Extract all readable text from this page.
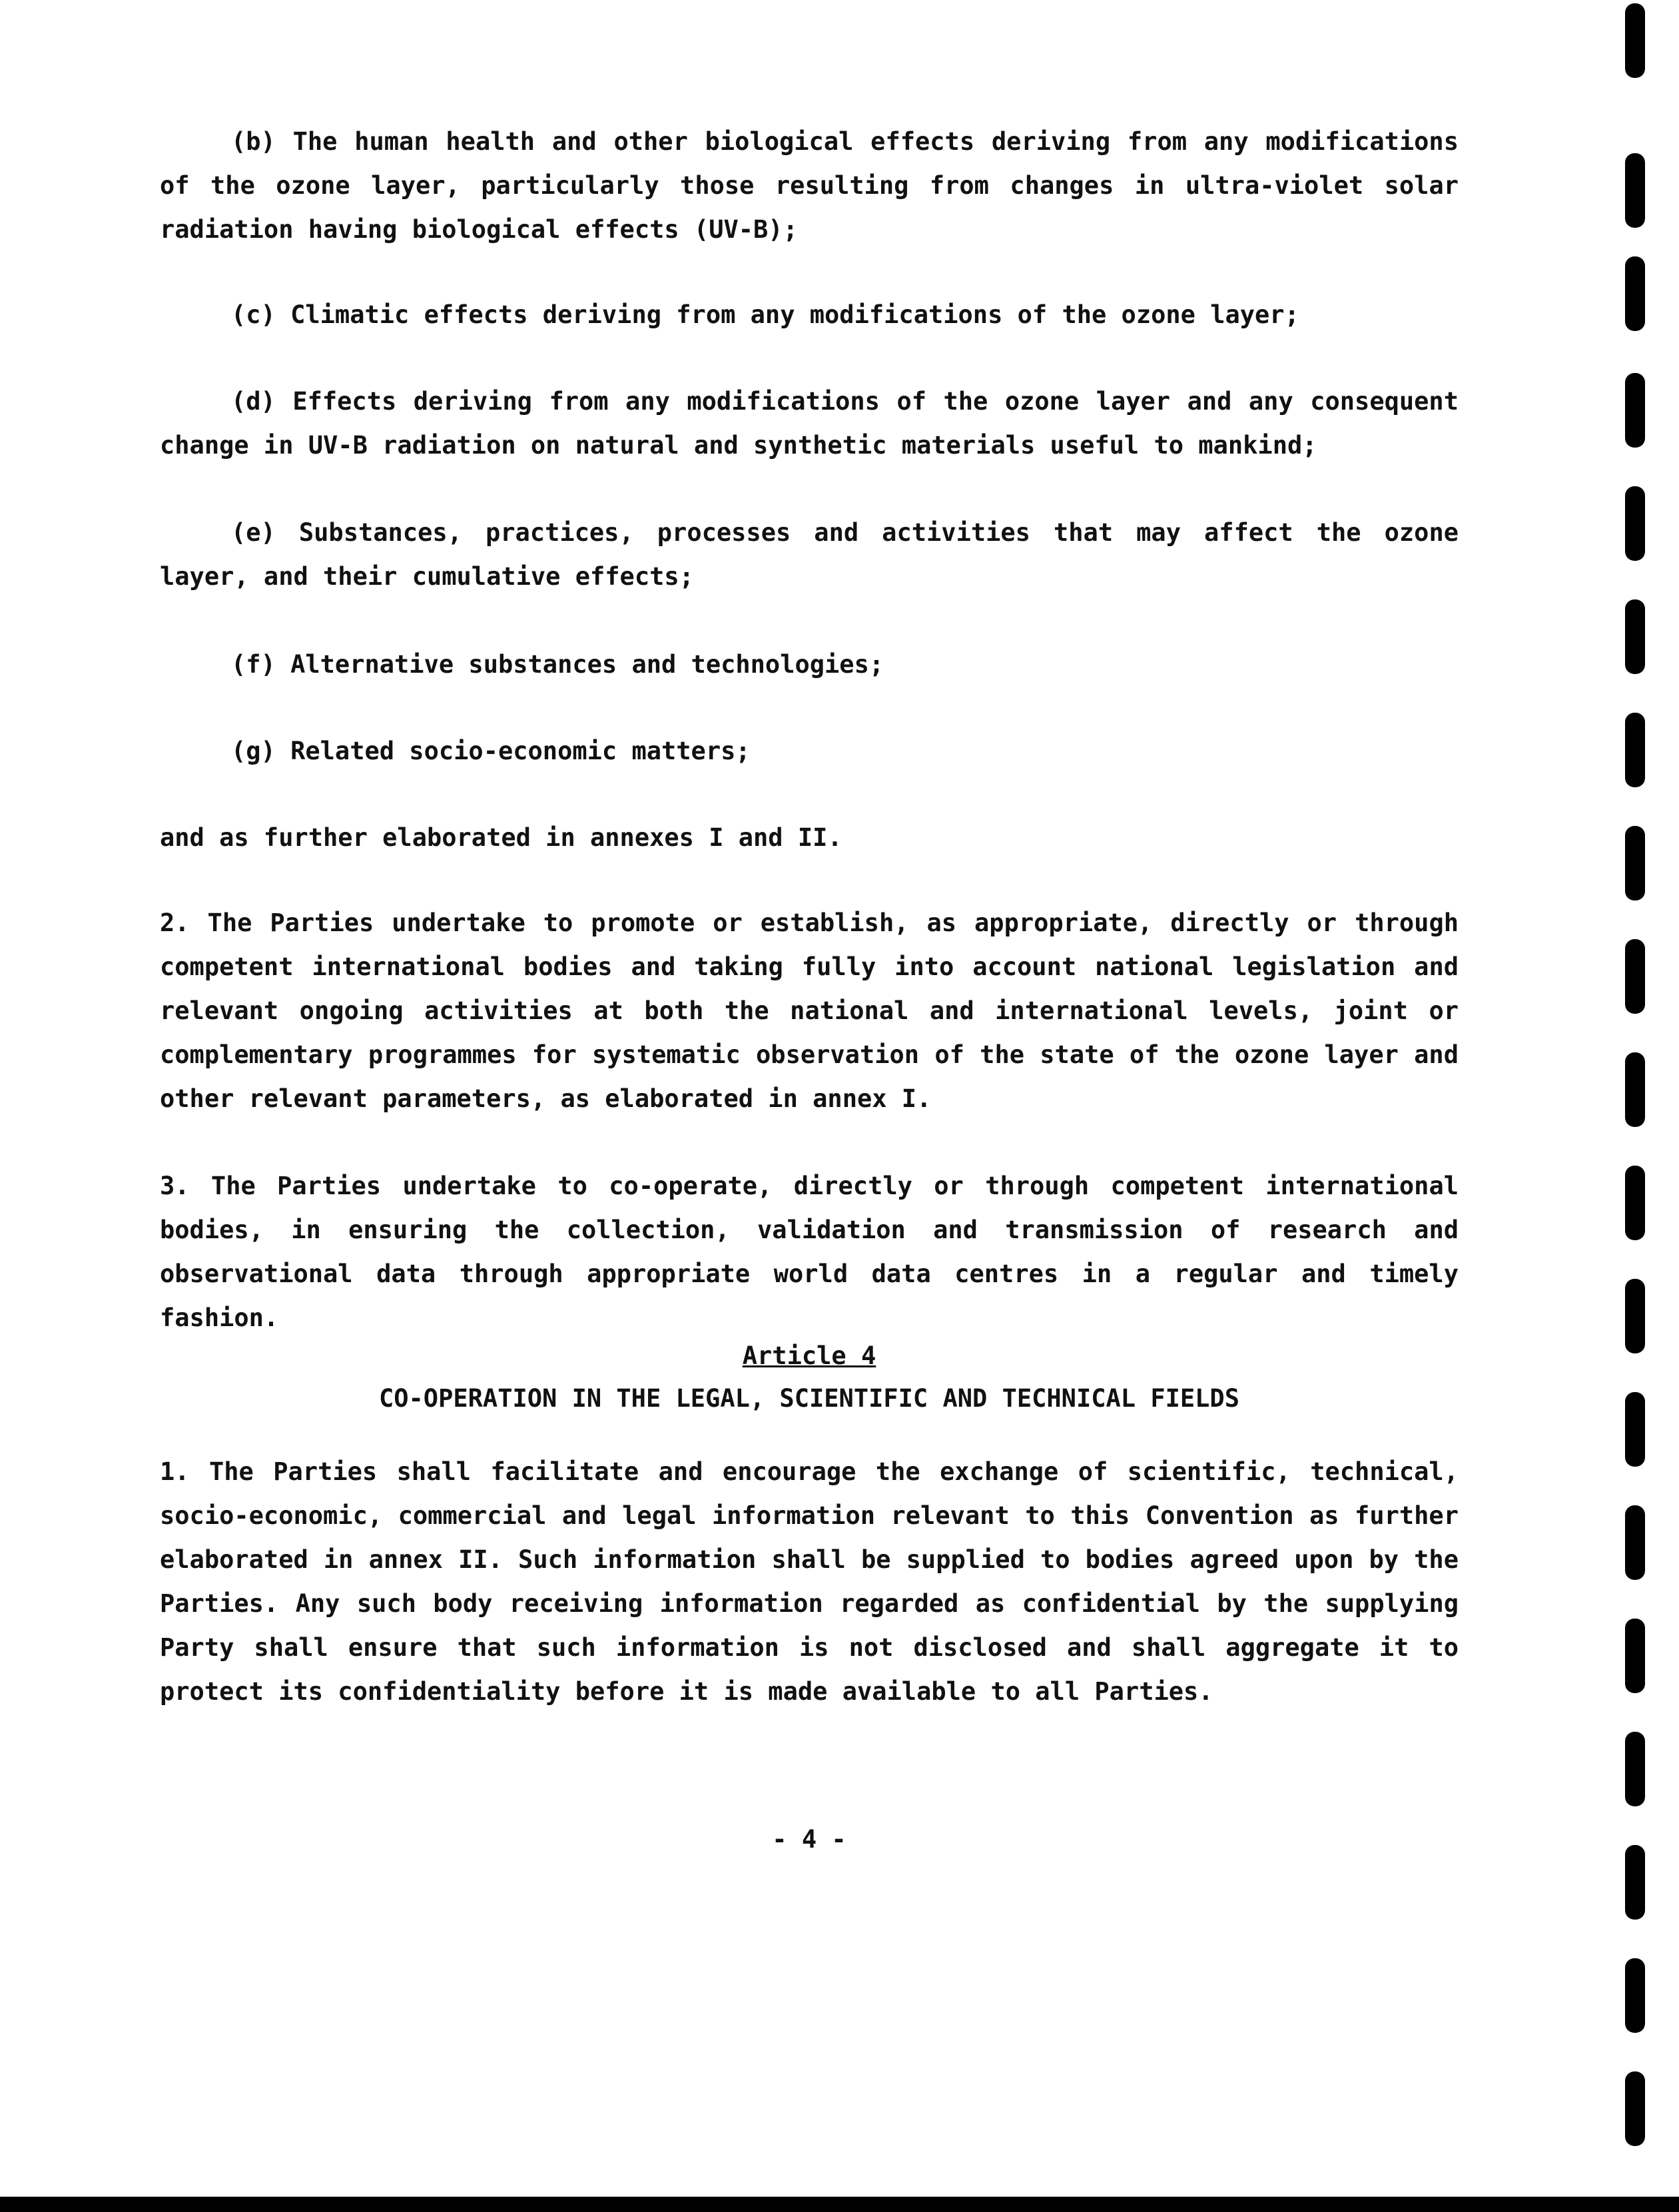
(b) The human health and other biological effects deriving from any modifications of the ozone layer, particularly those resulting from changes in ultra-violet solar radiation having biological effects (UV-B);

(c) Climatic effects deriving from any modifications of the ozone layer;

(d) Effects deriving from any modifications of the ozone layer and any consequent change in UV-B radiation on natural and synthetic materials useful to mankind;

(e) Substances, practices, processes and activities that may affect the ozone layer, and their cumulative effects;

(f) Alternative substances and technologies;

(g) Related socio-economic matters;

and as further elaborated in annexes I and II.

2. The Parties undertake to promote or establish, as appropriate, directly or through competent international bodies and taking fully into account national legislation and relevant ongoing activities at both the national and international levels, joint or complementary programmes for systematic observation of the state of the ozone layer and other relevant parameters, as elaborated in annex I.

3. The Parties undertake to co-operate, directly or through competent international bodies, in ensuring the collection, validation and transmission of research and observational data through appropriate world data centres in a regular and timely fashion.

Article 4
CO-OPERATION IN THE LEGAL, SCIENTIFIC AND TECHNICAL FIELDS

1. The Parties shall facilitate and encourage the exchange of scientific, technical, socio-economic, commercial and legal information relevant to this Convention as further elaborated in annex II. Such information shall be supplied to bodies agreed upon by the Parties. Any such body receiving information regarded as confidential by the supplying Party shall ensure that such information is not disclosed and shall aggregate it to protect its confidentiality before it is made available to all Parties.

- 4 -
